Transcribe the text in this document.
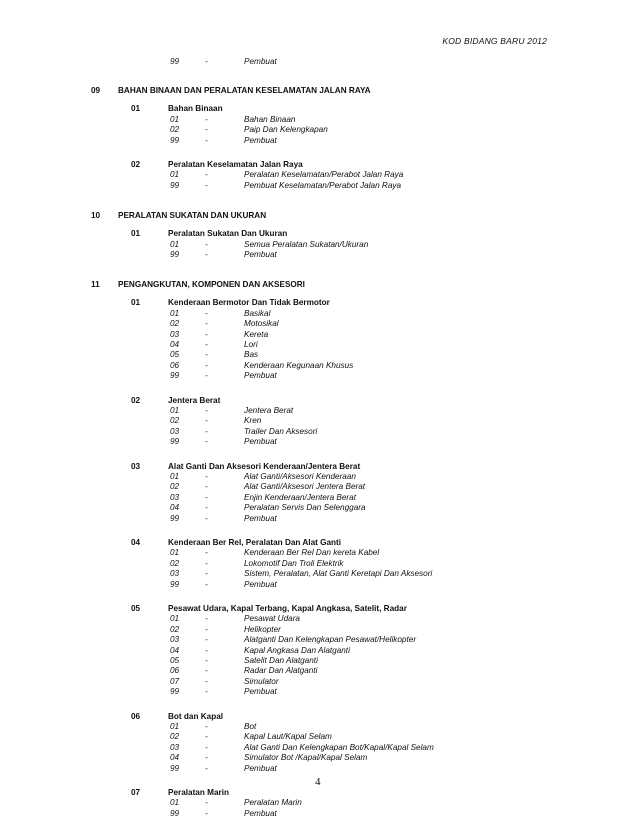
KOD BIDANG BARU 2012
99	-	Pembuat
09 BAHAN BINAAN DAN PERALATAN KESELAMATAN JALAN RAYA
01	Bahan Binaan
01	-	Bahan Binaan
02	-	Paip Dan Kelengkapan
99	-	Pembuat
02	Peralatan Keselamatan Jalan Raya
01	-	Peralatan Keselamatan/Perabot Jalan Raya
99	-	Pembuat Keselamatan/Perabot Jalan Raya
10 PERALATAN SUKATAN DAN UKURAN
01	Peralatan Sukatan Dan Ukuran
01	-	Semua Peralatan Sukatan/Ukuran
99	-	Pembuat
11 PENGANGKUTAN, KOMPONEN DAN AKSESORI
01	Kenderaan Bermotor Dan Tidak Bermotor
01	-	Basikal
02	-	Motosikal
03	-	Kereta
04	-	Lori
05	-	Bas
06	-	Kenderaan Kegunaan Khusus
99	-	Pembuat
02	Jentera Berat
01	-	Jentera Berat
02	-	Kren
03	-	Trailer Dan Aksesori
99	-	Pembuat
03	Alat Ganti Dan Aksesori Kenderaan/Jentera Berat
01	-	Alat Ganti/Aksesori Kenderaan
02	-	Alat Ganti/Aksesori Jentera Berat
03	-	Enjin Kenderaan/Jentera Berat
04	-	Peralatan Servis Dan Selenggara
99	-	Pembuat
04	Kenderaan Ber Rel, Peralatan Dan Alat Ganti
01	-	Kenderaan Ber Rel Dan kereta Kabel
02	-	Lokomotif Dan Troli Elektrik
03	-	Sistem, Peralatan, Alat Ganti Keretapi Dan Aksesori
99	-	Pembuat
05	Pesawat Udara, Kapal Terbang, Kapal Angkasa, Satelit, Radar
01	-	Pesawat Udara
02	-	Helikopter
03	-	Alatganti Dan Kelengkapan Pesawat/Helikopter
04	-	Kapal Angkasa Dan Alatganti
05	-	Satelit Dan Alatganti
06	-	Radar Dan Alatganti
07	-	Simulator
99	-	Pembuat
06	Bot dan Kapal
01	-	Bot
02	-	Kapal Laut/Kapal Selam
03	-	Alat Ganti Dan Kelengkapan Bot/Kapal/Kapal Selam
04	-	Simulator Bot /Kapal/Kapal Selam
99	-	Pembuat
07	Peralatan Marin
01	-	Peralatan Marin
99	-	Pembuat
4
